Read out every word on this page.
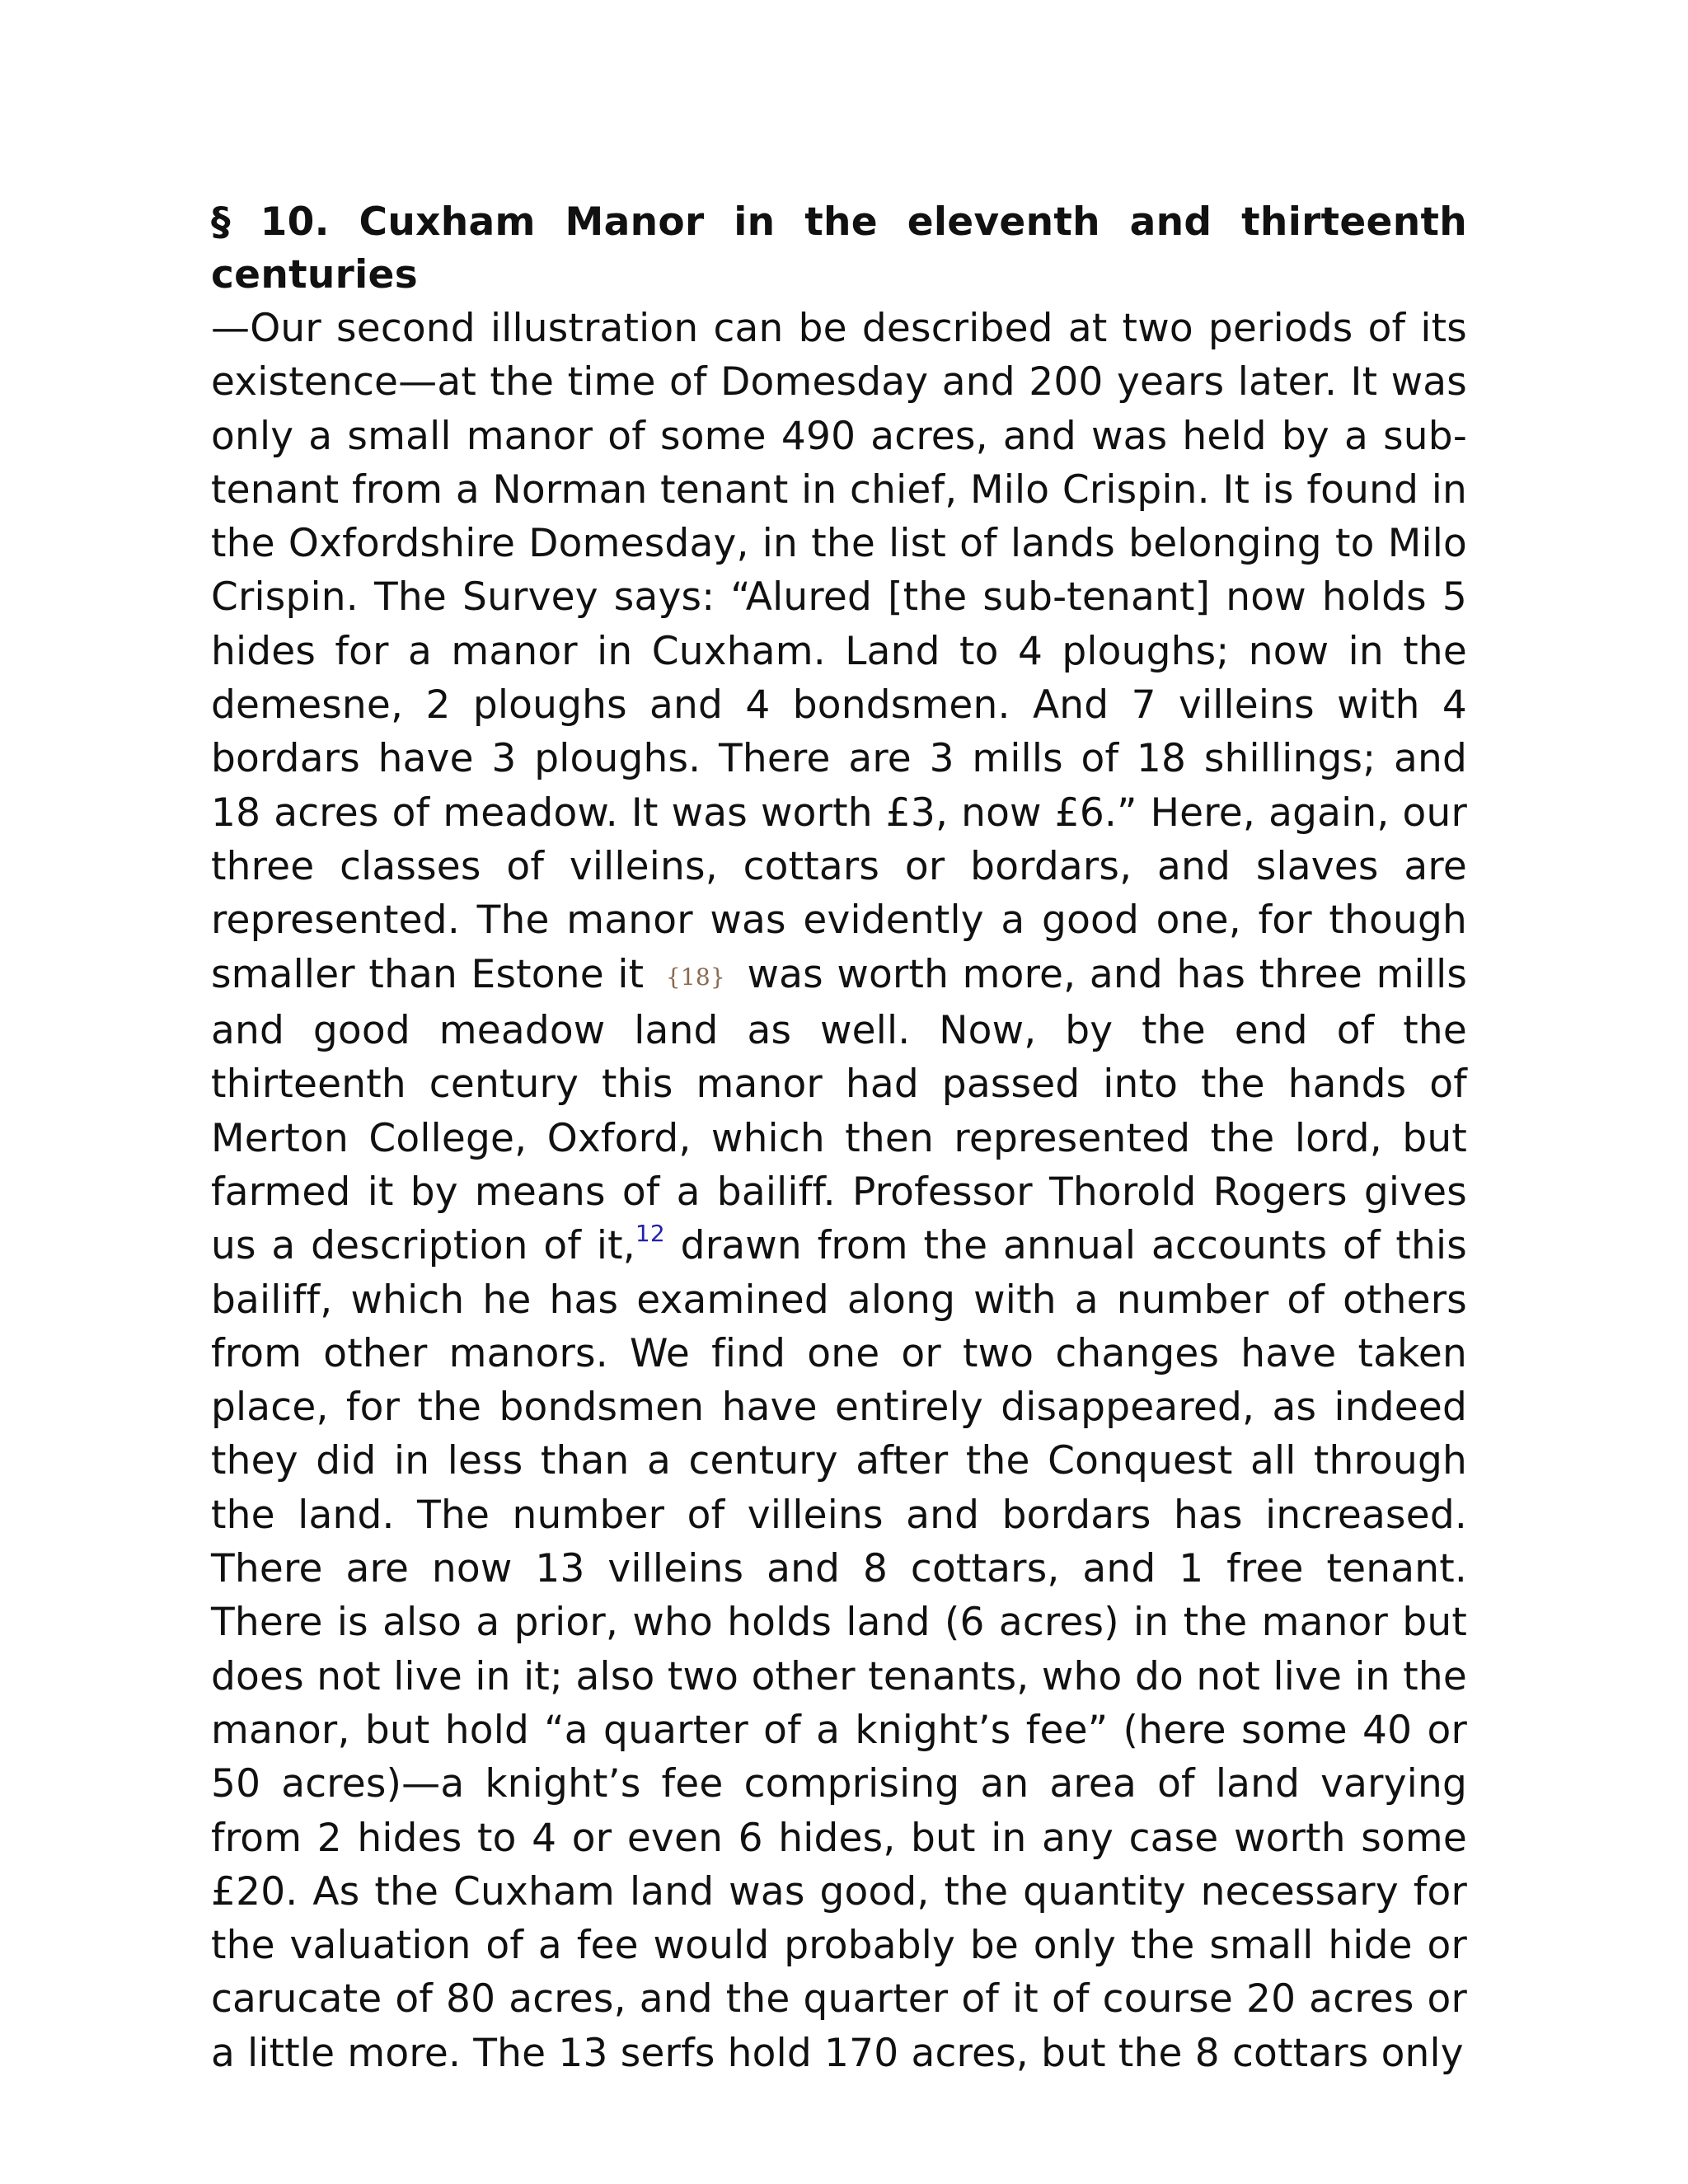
§ 10. Cuxham Manor in the eleventh and thirteenth centuries

—Our second illustration can be described at two periods of its existence—at the time of Domesday and 200 years later. It was only a small manor of some 490 acres, and was held by a sub-tenant from a Norman tenant in chief, Milo Crispin. It is found in the Oxfordshire Domesday, in the list of lands belonging to Milo Crispin. The Survey says: “Alured [the sub-tenant] now holds 5 hides for a manor in Cuxham. Land to 4 ploughs; now in the demesne, 2 ploughs and 4 bondsmen. And 7 villeins with 4 bordars have 3 ploughs. There are 3 mills of 18 shillings; and 18 acres of meadow. It was worth £3, now £6.” Here, again, our three classes of villeins, cottars or bordars, and slaves are represented. The manor was evidently a good one, for though smaller than Estone it {18} was worth more, and has three mills and good meadow land as well. Now, by the end of the thirteenth century this manor had passed into the hands of Merton College, Oxford, which then represented the lord, but farmed it by means of a bailiff. Professor Thorold Rogers gives us a description of it,$^{12}$ drawn from the annual accounts of this bailiff, which he has examined along with a number of others from other manors. We find one or two changes have taken place, for the bondsmen have entirely disappeared, as indeed they did in less than a century after the Conquest all through the land. The number of villeins and bordars has increased. There are now 13 villeins and 8 cottars, and 1 free tenant. There is also a prior, who holds land (6 acres) in the manor but does not live in it; also two other tenants, who do not live in the manor, but hold “a quarter of a knight’s fee” (here some 40 or 50 acres)—a knight’s fee comprising an area of land varying from 2 hides to 4 or even 6 hides, but in any case worth some £20. As the Cuxham land was good, the quantity necessary for the valuation of a fee would probably be only the small hide or carucate of 80 acres, and the quarter of it of course 20 acres or a little more. The 13 serfs hold 170 acres, but the 8 cottars only
